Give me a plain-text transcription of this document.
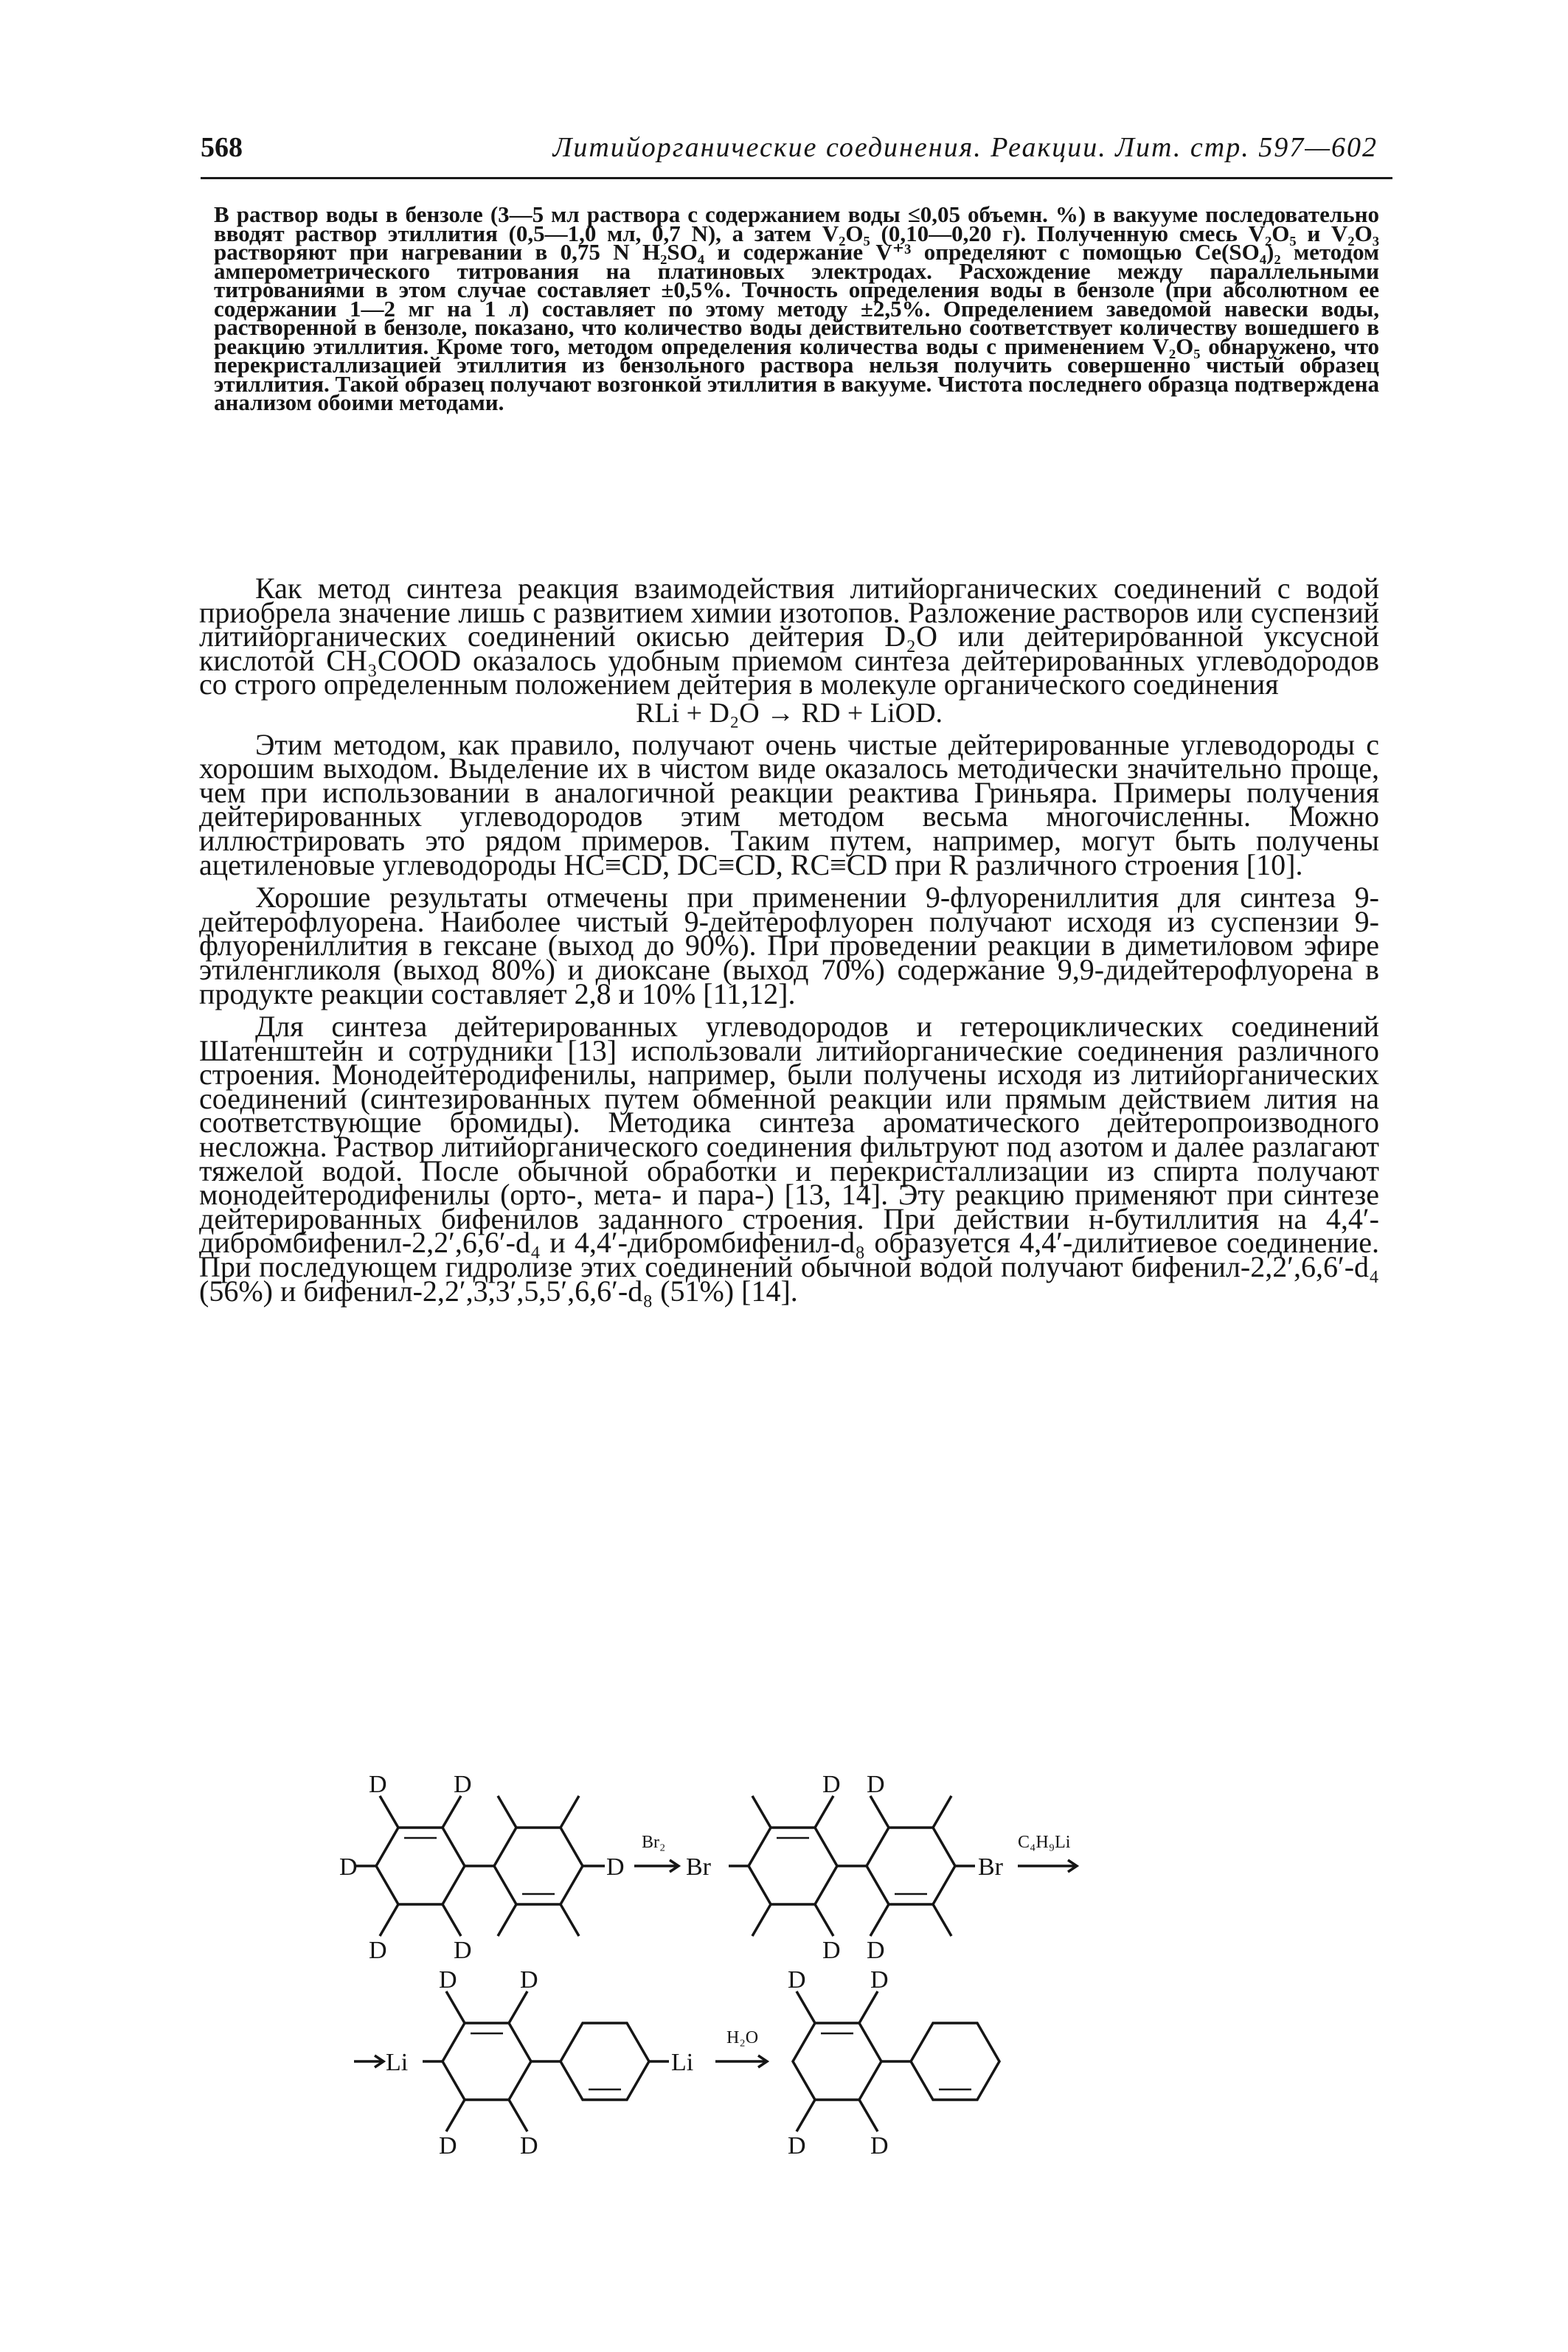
568	Литийорганические соединения. Реакции. Лит. стр. 597—602

В раствор воды в бензоле (3—5 мл раствора с содержанием воды ≤0,05 объемн. %) в вакууме последовательно вводят раствор этиллития (0,5—1,0 мл, 0,7 N), а затем V₂O₅ (0,10—0,20 г). Полученную смесь V₂O₅ и V₂O₃ растворяют при нагревании в 0,75 N H₂SO₄ и содержание V⁺³ определяют с помощью Ce(SO₄)₂ методом амперометрического титрования на платиновых электродах. Расхождение между параллельными титрованиями в этом случае составляет ±0,5%. Точность определения воды в бензоле (при абсолютном ее содержании 1—2 мг на 1 л) составляет по этому методу ±2,5%. Определением заведомой навески воды, растворенной в бензоле, показано, что количество воды действительно соответствует количеству вошедшего в реакцию этиллития. Кроме того, методом определения количества воды с применением V₂O₅ обнаружено, что перекристаллизацией этиллития из бензольного раствора нельзя получить совершенно чистый образец этиллития. Такой образец получают возгонкой этиллития в вакууме. Чистота последнего образца подтверждена анализом обоими методами.

Как метод синтеза реакция взаимодействия литийорганических соединений с водой приобрела значение лишь с развитием химии изотопов. Разложение растворов или суспензий литийорганических соединений окисью дейтерия D₂O или дейтерированной уксусной кислотой CH₃COOD оказалось удобным приемом синтеза дейтерированных углеводородов со строго определенным положением дейтерия в молекуле органического соединения

RLi + D₂O → RD + LiOD.

Этим методом, как правило, получают очень чистые дейтерированные углеводороды с хорошим выходом. Выделение их в чистом виде оказалось методически значительно проще, чем при использовании в аналогичной реакции реактива Гриньяра. Примеры получения дейтерированных углеводородов этим методом весьма многочисленны. Можно иллюстрировать это рядом примеров. Таким путем, например, могут быть получены ацетиленовые углеводороды HC≡CD, DC≡CD, RC≡CD при R различного строения [10].

Хорошие результаты отмечены при применении 9-флуорениллития для синтеза 9-дейтерофлуорена. Наиболее чистый 9-дейтерофлуорен получают исходя из суспензии 9-флуорениллития в гексане (выход до 90%). При проведении реакции в диметиловом эфире этиленгликоля (выход 80%) и диоксане (выход 70%) содержание 9,9-дидейтерофлуорена в продукте реакции составляет 2,8 и 10% [11,12].

Для синтеза дейтерированных углеводородов и гетероциклических соединений Шатенштейн и сотрудники [13] использовали литийорганические соединения различного строения. Монодейтеродифенилы, например, были получены исходя из литийорганических соединений (синтезированных путем обменной реакции или прямым действием лития на соответствующие бромиды). Методика синтеза ароматического дейтеропроизводного несложна. Раствор литийорганического соединения фильтруют под азотом и далее разлагают тяжелой водой. После обычной обработки и перекристаллизации из спирта получают монодейтеродифенилы (орто-, мета- и пара-) [13, 14]. Эту реакцию применяют при синтезе дейтерированных бифенилов заданного строения. При действии н-бутиллития на 4,4′-дибромбифенил-2,2′,6,6′-d₄ и 4,4′-дибромбифенил-d₈ образуется 4,4′-дилитиевое соединение. При последующем гидролизе этих соединений обычной водой получают бифенил-2,2′,6,6′-d₄ (56%) и бифенил-2,2′,3,3′,5,5′,6,6′-d₈ (51%) [14].

D	D
D	D
D	D
Br₂
Br
D D
D D
Br
C₄H₉Li
Li
D	D
D	D
Li
H₂O
D	D
D	D
